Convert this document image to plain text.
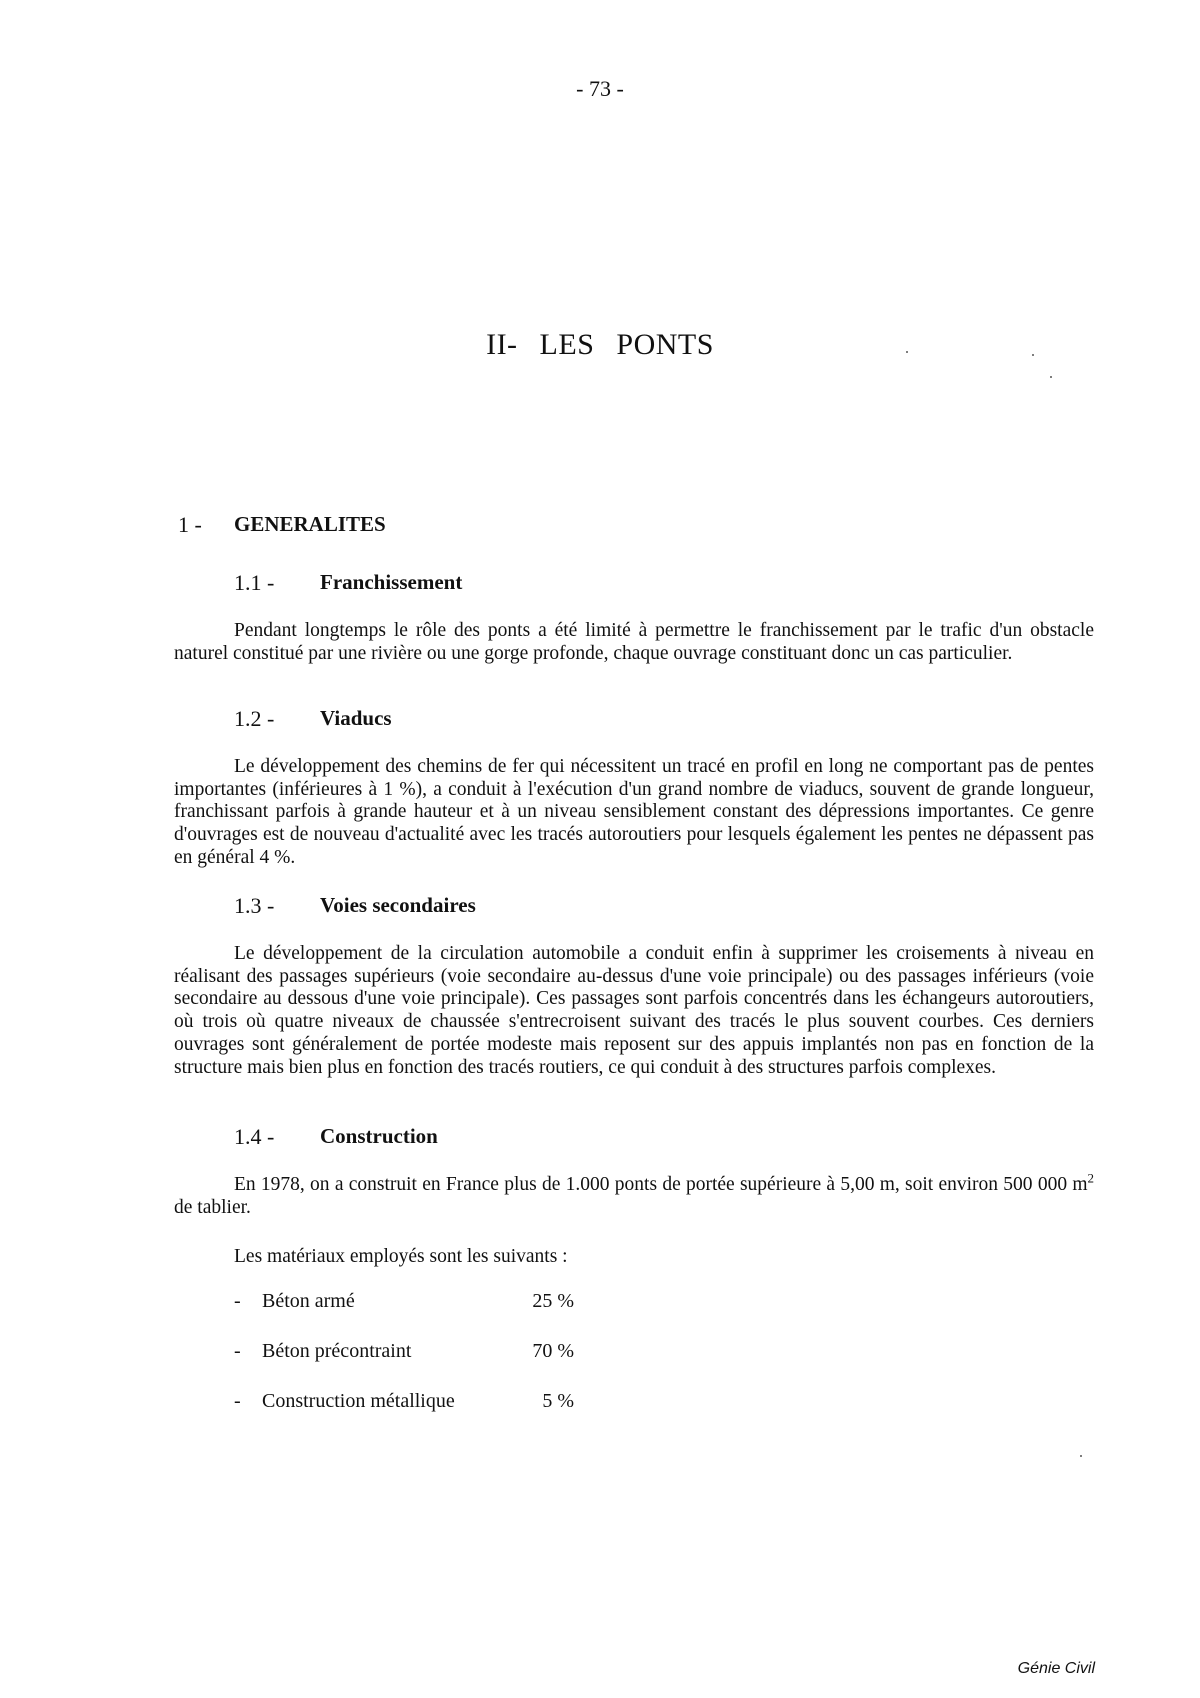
- 73 -
II- LES PONTS
1 - GENERALITES
1.1 - Franchissement
Pendant longtemps le rôle des ponts a été limité à permettre le franchissement par le trafic d'un obstacle naturel constitué par une rivière ou une gorge profonde, chaque ouvrage constituant donc un cas particulier.
1.2 - Viaducs
Le développement des chemins de fer qui nécessitent un tracé en profil en long ne comportant pas de pentes importantes (inférieures à 1 %), a conduit à l'exécution d'un grand nombre de viaducs, souvent de grande longueur, franchissant parfois à grande hauteur et à un niveau sensiblement constant des dépressions importantes. Ce genre d'ouvrages est de nouveau d'actualité avec les tracés autoroutiers pour lesquels également les pentes ne dépassent pas en général 4 %.
1.3 - Voies secondaires
Le développement de la circulation automobile a conduit enfin à supprimer les croisements à niveau en réalisant des passages supérieurs (voie secondaire au-dessus d'une voie principale) ou des passages inférieurs (voie secondaire au dessous d'une voie principale). Ces passages sont parfois concentrés dans les échangeurs autoroutiers, où trois où quatre niveaux de chaussée s'entrecroisent suivant des tracés le plus souvent courbes. Ces derniers ouvrages sont généralement de portée modeste mais reposent sur des appuis implantés non pas en fonction de la structure mais bien plus en fonction des tracés routiers, ce qui conduit à des structures parfois complexes.
1.4 - Construction
En 1978, on a construit en France plus de 1.000 ponts de portée supérieure à 5,00 m, soit environ 500 000 $m^2$ de tablier.
Les matériaux employés sont les suivants :
- Béton armé	25 %
- Béton précontraint	70 %
- Construction métallique	5 %
Génie Civil
